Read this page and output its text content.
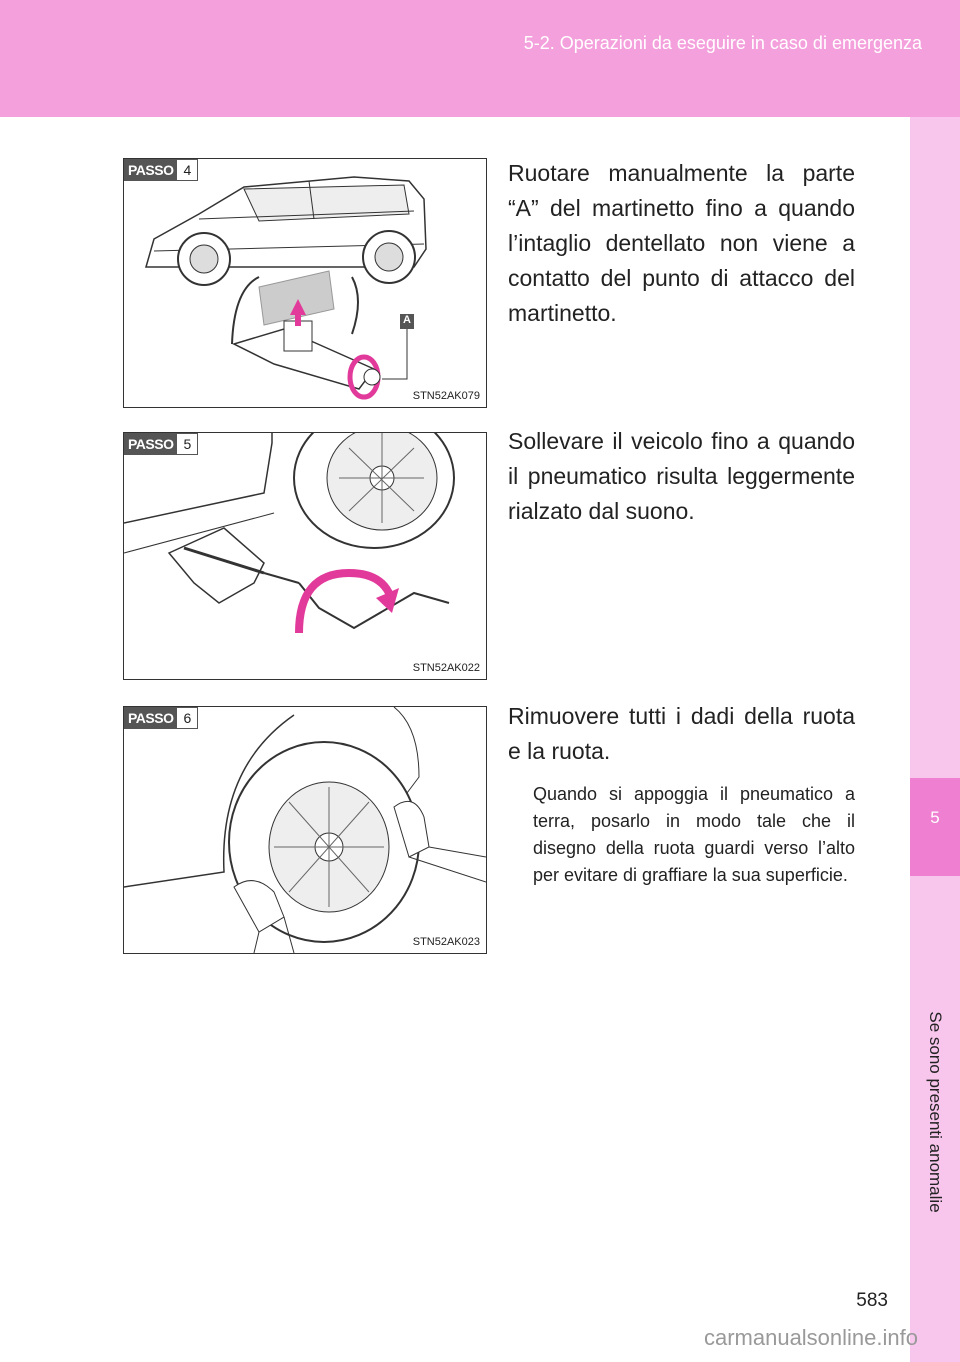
5-2. Operazioni da eseguire in caso di emergenza
5
Se sono presenti anomalie
PASSO 4
A
STN52AK079
PASSO 5
STN52AK022
PASSO 6
STN52AK023
Ruotare manualmente la parte “A” del martinetto fino a quando l’intaglio dentellato non viene a contatto del punto di attacco del martinetto.
Sollevare il veicolo fino a quando il pneumatico risulta leggermente rialzato dal suono.
Rimuovere tutti i dadi della ruota e la ruota.
Quando si appoggia il pneumatico a terra, posarlo in modo tale che il disegno della ruota guardi verso l’alto per evitare di graffiare la sua superficie.
583
carmanualsonline.info
